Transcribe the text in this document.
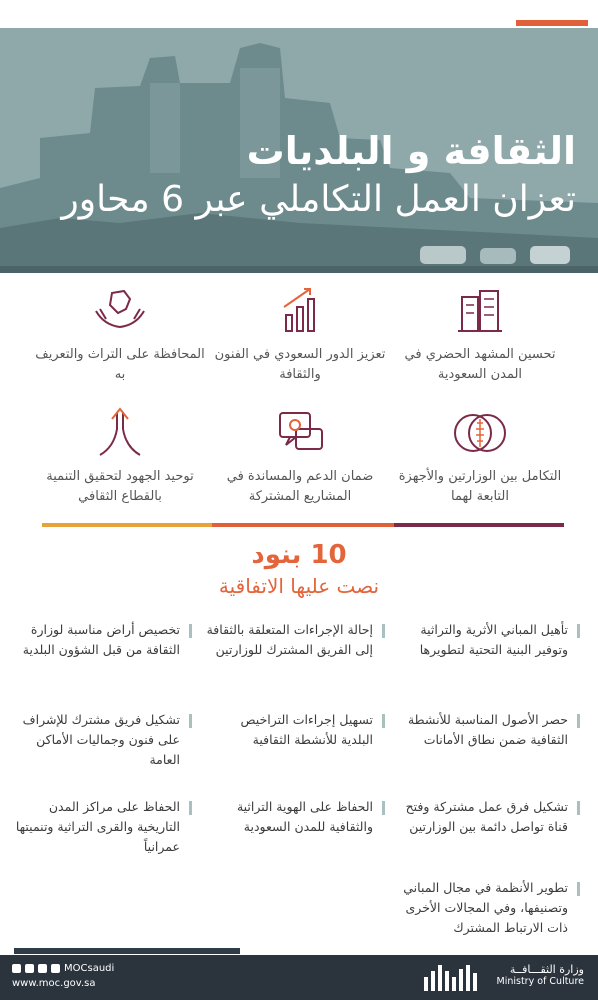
الثقافة و البلديات
تعزان العمل التكاملي عبر 6 محاور
المحافظة على التراث والتعريف به
تعزيز الدور السعودي في الفنون والثقافة
تحسين المشهد الحضري في المدن السعودية
توحيد الجهود لتحقيق التنمية بالقطاع الثقافي
ضمان الدعم والمساندة في المشاريع المشتركة
التكامل بين الوزارتين والأجهزة التابعة لهما
10 بنود
نصت عليها الاتفاقية
تأهيل المباني الأثرية والتراثية وتوفير البنية التحتية لتطويرها
إحالة الإجراءات المتعلقة بالثقافة إلى الفريق المشترك للوزارتين
تخصيص أراض مناسبة لوزارة الثقافة من قبل الشؤون البلدية
حصر الأصول المناسبة للأنشطة الثقافية ضمن نطاق الأمانات
تسهيل إجراءات التراخيص البلدية للأنشطة الثقافية
تشكيل فريق مشترك للإشراف على فنون وجماليات الأماكن العامة
تشكيل فرق عمل مشتركة وفتح قناة تواصل دائمة بين الوزارتين
الحفاظ على الهوية التراثية والثقافية للمدن السعودية
الحفاظ على مراكز المدن التاريخية والقرى التراثية وتنميتها عمرانياً
تطوير الأنظمة في مجال المباني وتصنيفها، وفي المجالات الأخرى ذات الارتباط المشترك
MOCsaudi
www.moc.gov.sa
وزارة الثقـــافــة
Ministry of Culture
